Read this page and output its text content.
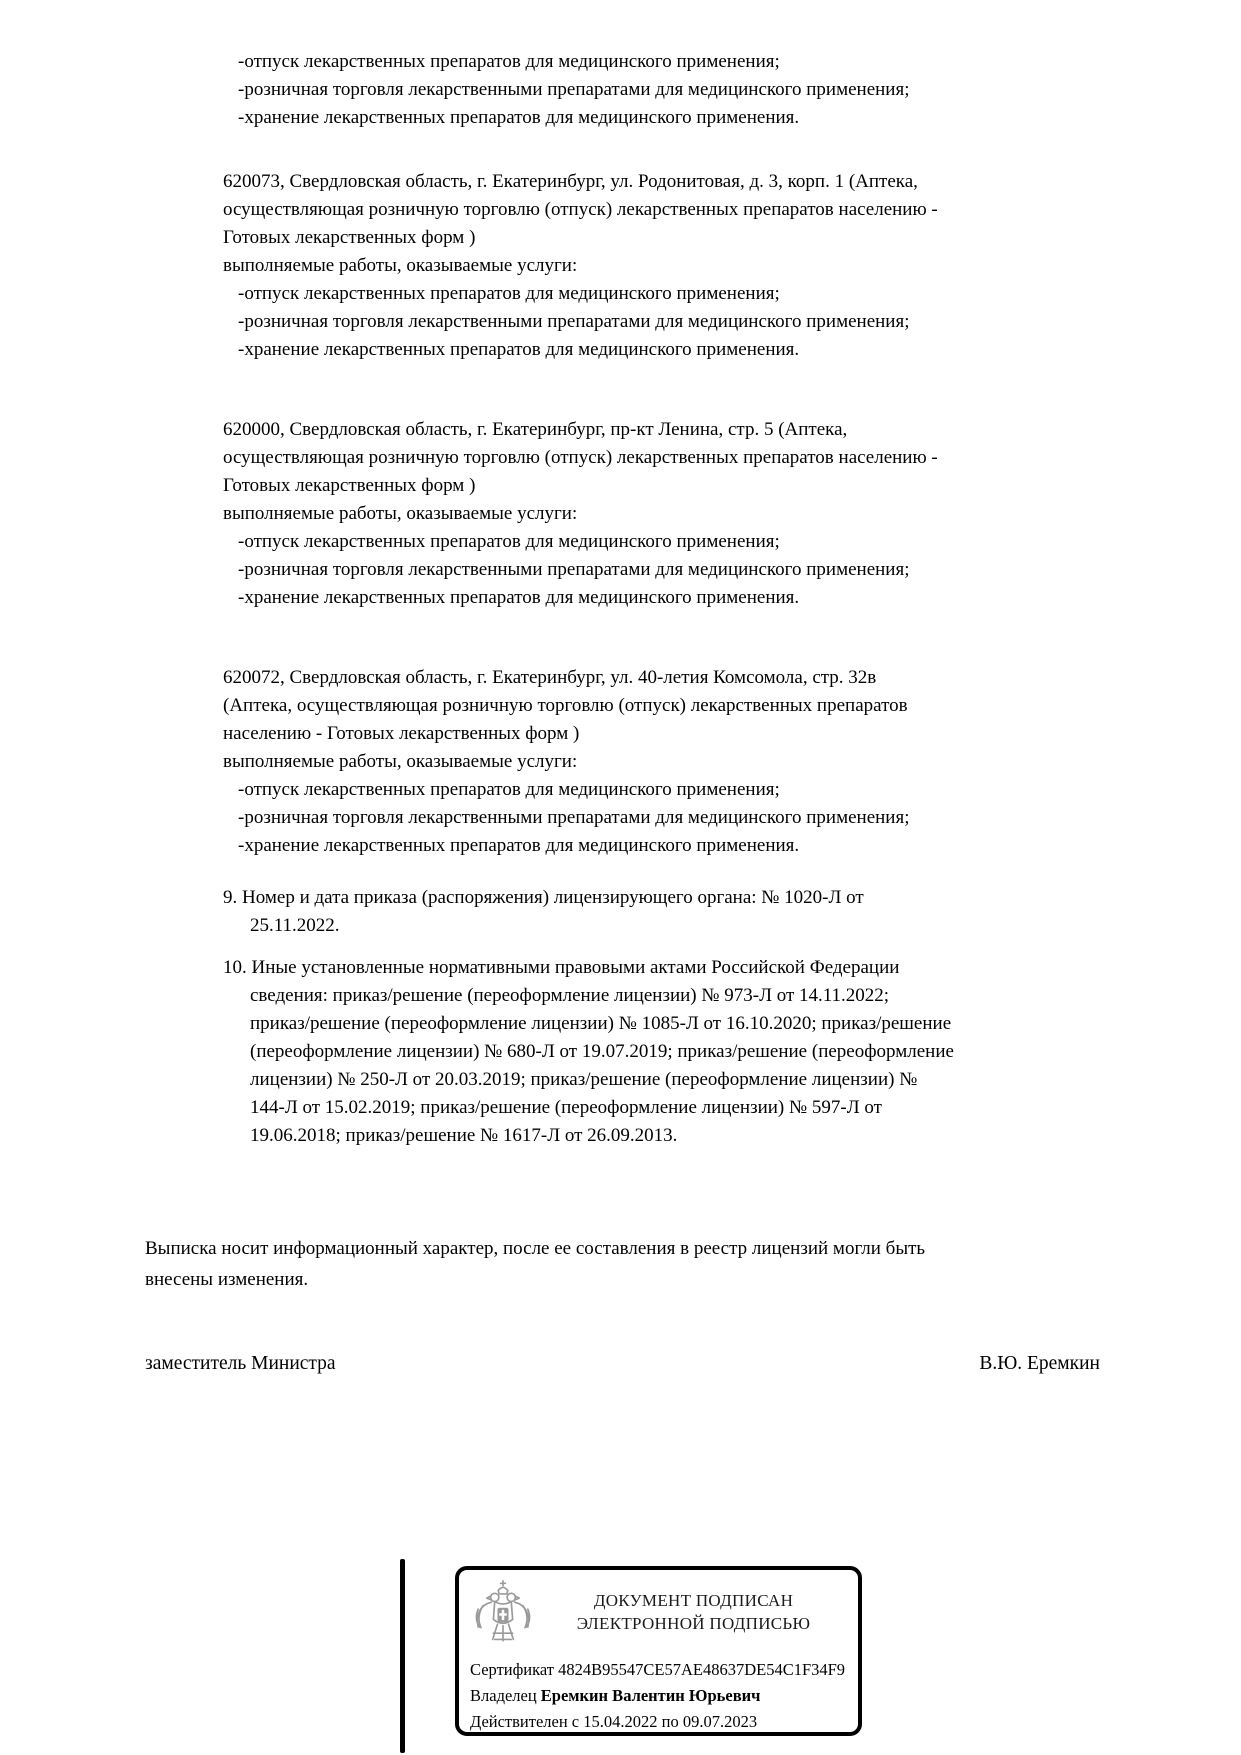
-отпуск лекарственных препаратов для медицинского применения;
-розничная торговля лекарственными препаратами для медицинского применения;
-хранение лекарственных препаратов для медицинского применения.
620073, Свердловская область, г. Екатеринбург, ул. Родонитовая, д. 3, корп. 1 (Аптека,
осуществляющая розничную торговлю (отпуск) лекарственных препаратов населению -
Готовых лекарственных форм )
выполняемые работы, оказываемые услуги:
-отпуск лекарственных препаратов для медицинского применения;
-розничная торговля лекарственными препаратами для медицинского применения;
-хранение лекарственных препаратов для медицинского применения.
620000, Свердловская область, г. Екатеринбург, пр-кт Ленина, стр. 5 (Аптека,
осуществляющая розничную торговлю (отпуск) лекарственных препаратов населению -
Готовых лекарственных форм )
выполняемые работы, оказываемые услуги:
-отпуск лекарственных препаратов для медицинского применения;
-розничная торговля лекарственными препаратами для медицинского применения;
-хранение лекарственных препаратов для медицинского применения.
620072, Свердловская область, г. Екатеринбург, ул. 40-летия Комсомола, стр. 32в
(Аптека, осуществляющая розничную торговлю (отпуск) лекарственных препаратов
населению - Готовых лекарственных форм )
выполняемые работы, оказываемые услуги:
-отпуск лекарственных препаратов для медицинского применения;
-розничная торговля лекарственными препаратами для медицинского применения;
-хранение лекарственных препаратов для медицинского применения.
9. Номер и дата приказа (распоряжения) лицензирующего органа: № 1020-Л от
25.11.2022.
10. Иные установленные нормативными правовыми актами Российской Федерации
сведения: приказ/решение (переоформление лицензии) № 973-Л от 14.11.2022;
приказ/решение (переоформление лицензии) № 1085-Л от 16.10.2020; приказ/решение
(переоформление лицензии) № 680-Л от 19.07.2019; приказ/решение (переоформление
лицензии) № 250-Л от 20.03.2019; приказ/решение (переоформление лицензии) №
144-Л от 15.02.2019; приказ/решение (переоформление лицензии) № 597-Л от
19.06.2018; приказ/решение № 1617-Л от 26.09.2013.
Выписка носит информационный характер, после ее составления в реестр лицензий могли быть
внесены изменения.
заместитель Министра	В.Ю. Еремкин
ДОКУМЕНТ ПОДПИСАН
ЭЛЕКТРОННОЙ ПОДПИСЬЮ
Сертификат 4824B95547CE57AE48637DE54C1F34F9
Владелец Еремкин Валентин Юрьевич
Действителен с 15.04.2022 по 09.07.2023
